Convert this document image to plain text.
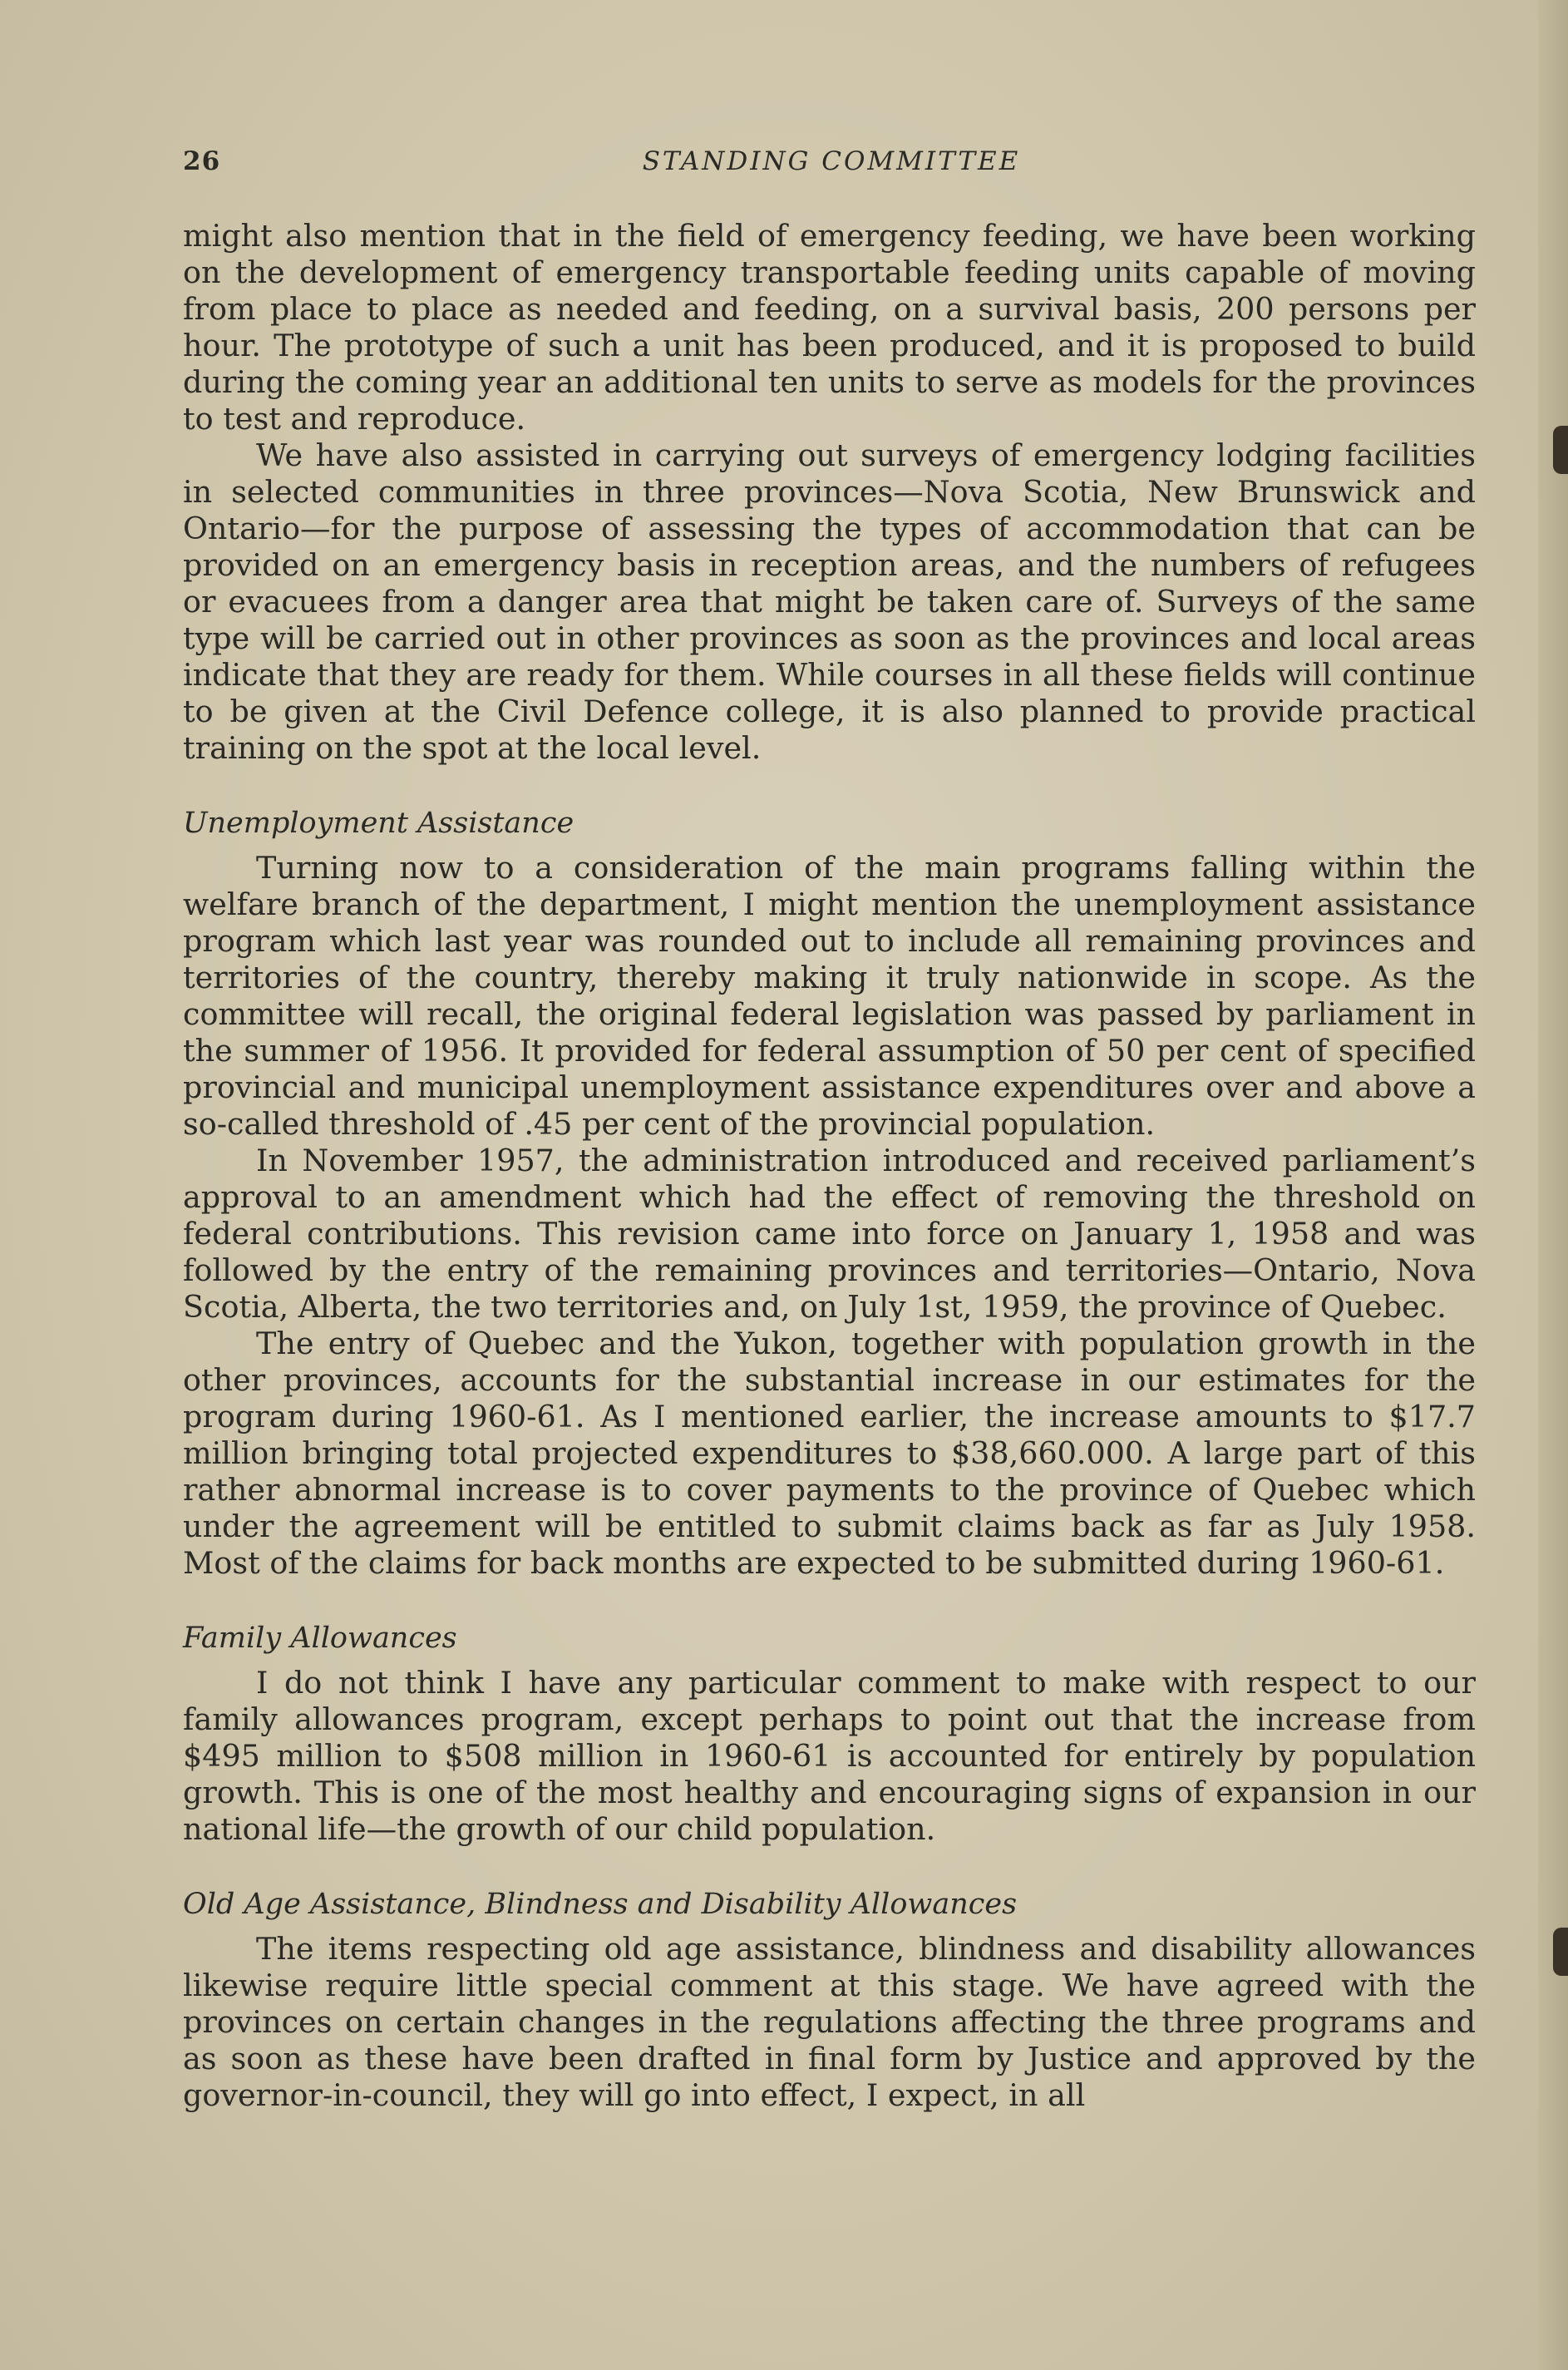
26	STANDING COMMITTEE

might also mention that in the field of emergency feeding, we have been working on the development of emergency transportable feeding units capable of moving from place to place as needed and feeding, on a survival basis, 200 persons per hour. The prototype of such a unit has been produced, and it is proposed to build during the coming year an additional ten units to serve as models for the provinces to test and reproduce.

We have also assisted in carrying out surveys of emergency lodging facilities in selected communities in three provinces—Nova Scotia, New Brunswick and Ontario—for the purpose of assessing the types of accommodation that can be provided on an emergency basis in reception areas, and the numbers of refugees or evacuees from a danger area that might be taken care of. Surveys of the same type will be carried out in other provinces as soon as the provinces and local areas indicate that they are ready for them. While courses in all these fields will continue to be given at the Civil Defence college, it is also planned to provide practical training on the spot at the local level.

Unemployment Assistance

Turning now to a consideration of the main programs falling within the welfare branch of the department, I might mention the unemployment assistance program which last year was rounded out to include all remaining provinces and territories of the country, thereby making it truly nationwide in scope. As the committee will recall, the original federal legislation was passed by parliament in the summer of 1956. It provided for federal assumption of 50 per cent of specified provincial and municipal unemployment assistance expenditures over and above a so-called threshold of .45 per cent of the provincial population.

In November 1957, the administration introduced and received parliament’s approval to an amendment which had the effect of removing the threshold on federal contributions. This revision came into force on January 1, 1958 and was followed by the entry of the remaining provinces and territories—Ontario, Nova Scotia, Alberta, the two territories and, on July 1st, 1959, the province of Quebec.

The entry of Quebec and the Yukon, together with population growth in the other provinces, accounts for the substantial increase in our estimates for the program during 1960-61. As I mentioned earlier, the increase amounts to $17.7 million bringing total projected expenditures to $38,660.000. A large part of this rather abnormal increase is to cover payments to the province of Quebec which under the agreement will be entitled to submit claims back as far as July 1958. Most of the claims for back months are expected to be submitted during 1960-61.

Family Allowances

I do not think I have any particular comment to make with respect to our family allowances program, except perhaps to point out that the increase from $495 million to $508 million in 1960-61 is accounted for entirely by population growth. This is one of the most healthy and encouraging signs of expansion in our national life—the growth of our child population.

Old Age Assistance, Blindness and Disability Allowances

The items respecting old age assistance, blindness and disability allowances likewise require little special comment at this stage. We have agreed with the provinces on certain changes in the regulations affecting the three programs and as soon as these have been drafted in final form by Justice and approved by the governor-in-council, they will go into effect, I expect, in all
